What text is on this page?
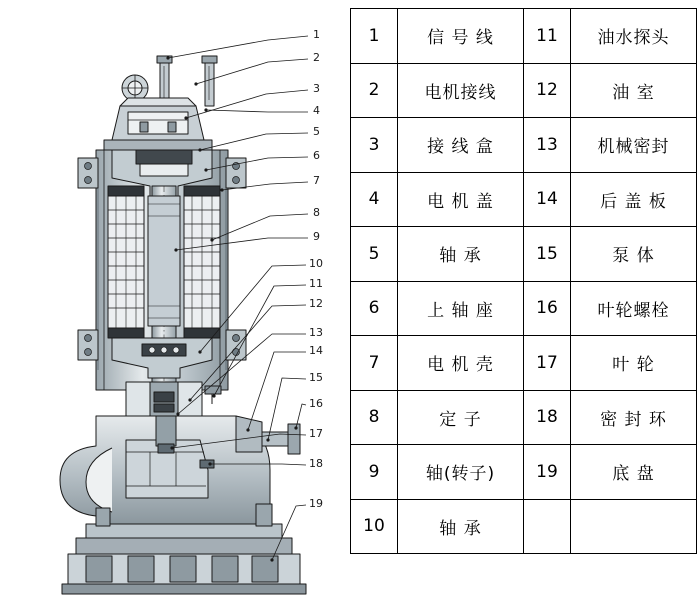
1
2
3
4
5
6
7
8
9
10
11
12
13
14
15
16
17
18
19
1	信 号 线	11	油水探头
2	电机接线	12	油 室
3	接 线 盒	13	机械密封
4	电 机 盖	14	后 盖 板
5	轴 承	15	泵 体
6	上 轴 座	16	叶轮螺栓
7	电 机 壳	17	叶 轮
8	定 子	18	密 封 环
9	轴(转子)	19	底 盘
10	轴 承		
